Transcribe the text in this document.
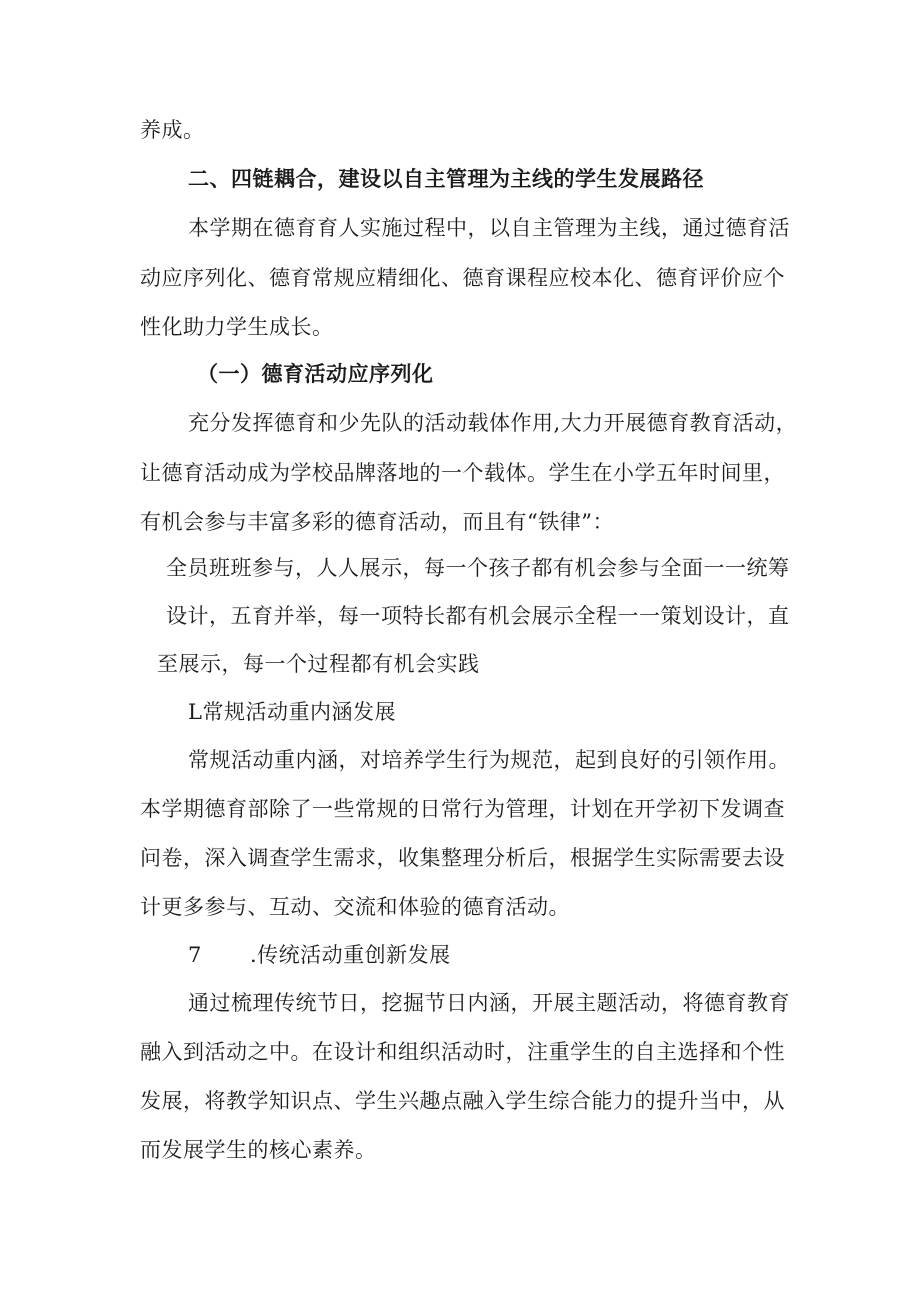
养成。
二、四链耦合，建设以自主管理为主线的学生发展路径
本学期在德育育人实施过程中，以自主管理为主线，通过德育活
动应序列化、德育常规应精细化、德育课程应校本化、德育评价应个
性化助力学生成长。
（一）德育活动应序列化
充分发挥德育和少先队的活动载体作用,大力开展德育教育活动，
让德育活动成为学校品牌落地的一个载体。学生在小学五年时间里，
有机会参与丰富多彩的德育活动，而且有“铁律”：
全员班班参与，人人展示，每一个孩子都有机会参与全面一一统筹
设计，五育并举，每一项特长都有机会展示全程一一策划设计，直
至展示，每一个过程都有机会实践
L常规活动重内涵发展
常规活动重内涵，对培养学生行为规范，起到良好的引领作用。
本学期德育部除了一些常规的日常行为管理，计划在开学初下发调查
问卷，深入调查学生需求，收集整理分析后，根据学生实际需要去设
计更多参与、互动、交流和体验的德育活动。
7 .传统活动重创新发展
通过梳理传统节日，挖掘节日内涵，开展主题活动，将德育教育
融入到活动之中。在设计和组织活动时，注重学生的自主选择和个性
发展，将教学知识点、学生兴趣点融入学生综合能力的提升当中，从
而发展学生的核心素养。
